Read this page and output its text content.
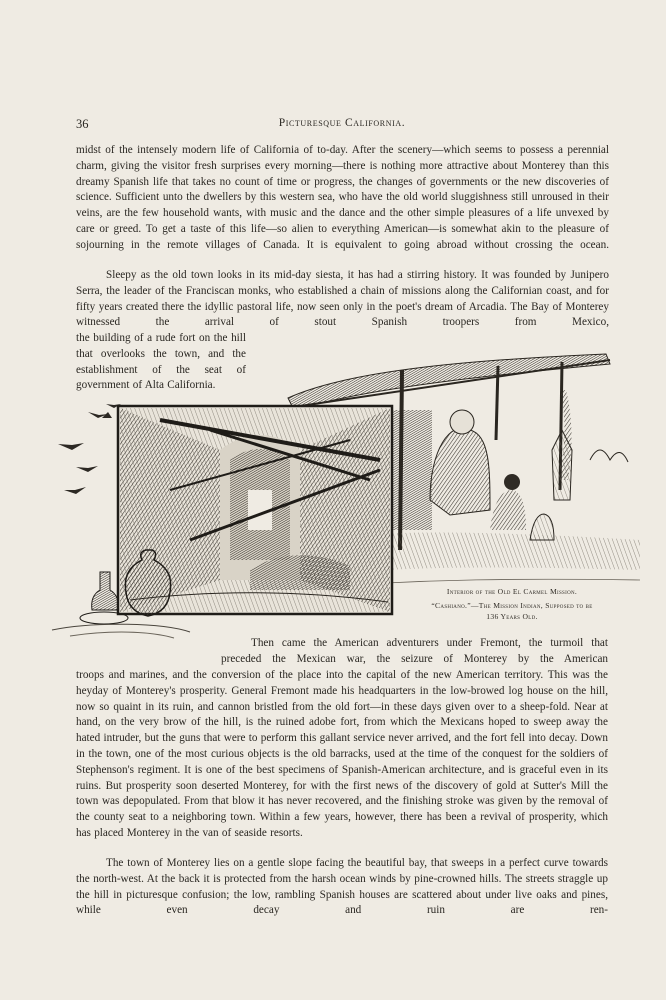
36	Picturesque California.

midst of the intensely modern life of California of to-day. After the scenery—which seems to possess a perennial charm, giving the visitor fresh surprises every morning—there is nothing more attractive about Monterey than this dreamy Spanish life that takes no count of time or progress, the changes of governments or the new discoveries of science. Sufficient unto the dwellers by this western sea, who have the old world sluggishness still unroused in their veins, are the few household wants, with music and the dance and the other simple pleasures of a life unvexed by care or greed. To get a taste of this life—so alien to everything American—is somewhat akin to the pleasure of sojourning in the remote villages of Canada. It is equivalent to going abroad without crossing the ocean.

Sleepy as the old town looks in its mid-day siesta, it has had a stirring history. It was founded by Junipero Serra, the leader of the Franciscan monks, who established a chain of missions along the Californian coast, and for fifty years created there the idyllic pastoral life, now seen only in the poet's dream of Arcadia. The Bay of Monterey witnessed the arrival of stout Spanish troopers from Mexico,

the building of a rude fort on the hill that overlooks the town, and the establishment of the seat of government of Alta California.

Interior of the Old El Carmel Mission.
“Cashiano.”—The Mission Indian, Supposed to be
136 Years Old.

Then came the American adventurers under Fremont, the turmoil that preceded the Mexican war, the seizure of Monterey by the American

troops and marines, and the conversion of the place into the capital of the new American territory. This was the heyday of Monterey's prosperity. General Fremont made his headquarters in the low-browed log house on the hill, now so quaint in its ruin, and cannon bristled from the old fort—in these days given over to a sheep-fold. Near at hand, on the very brow of the hill, is the ruined adobe fort, from which the Mexicans hoped to sweep away the hated intruder, but the guns that were to perform this gallant service never arrived, and the fort fell into decay. Down in the town, one of the most curious objects is the old barracks, used at the time of the conquest for the soldiers of Stephenson's regiment. It is one of the best specimens of Spanish-American architecture, and is graceful even in its ruins. But prosperity soon deserted Monterey, for with the first news of the discovery of gold at Sutter's Mill the town was depopulated. From that blow it has never recovered, and the finishing stroke was given by the removal of the county seat to a neighboring town. Within a few years, however, there has been a revival of prosperity, which has placed Monterey in the van of seaside resorts.

The town of Monterey lies on a gentle slope facing the beautiful bay, that sweeps in a perfect curve towards the north-west. At the back it is protected from the harsh ocean winds by pine-crowned hills. The streets straggle up the hill in picturesque confusion; the low, rambling Spanish houses are scattered about under live oaks and pines, while even decay and ruin are ren-
